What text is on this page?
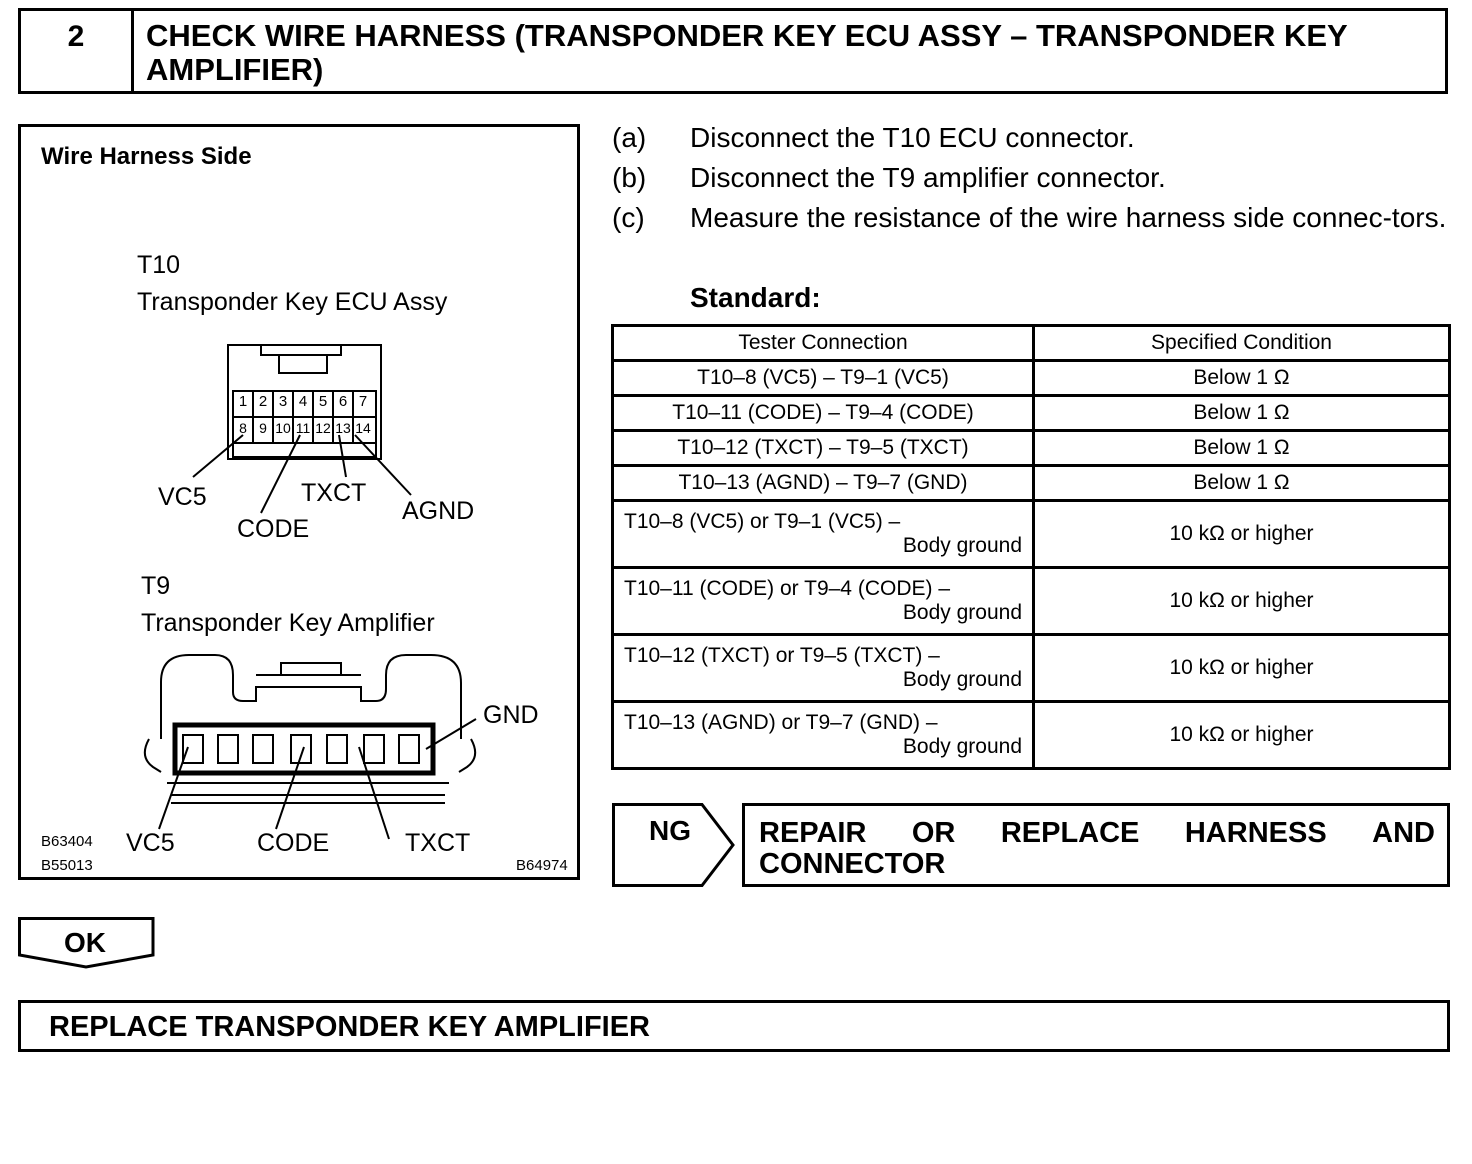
2	CHECK WIRE HARNESS (TRANSPONDER KEY ECU ASSY – TRANSPONDER KEY AMPLIFIER)
Wire Harness Side
T10
Transponder Key ECU Assy
1 2 3 4 5 6 7
8 9 10 11 12 13 14
VC5
CODE
TXCT
AGND
T9
Transponder Key Amplifier
GND
VC5	CODE	TXCT
B63404
B55013	B64974
(a) Disconnect the T10 ECU connector.
(b) Disconnect the T9 amplifier connector.
(c) Measure the resistance of the wire harness side connec-tors.
Standard:
Tester Connection	Specified Condition
T10–8 (VC5) – T9–1 (VC5)	Below 1 Ω
T10–11 (CODE) – T9–4 (CODE)	Below 1 Ω
T10–12 (TXCT) – T9–5 (TXCT)	Below 1 Ω
T10–13 (AGND) – T9–7 (GND)	Below 1 Ω

T10–8 (VC5) or T9–1 (VC5) –
Body ground	10 kΩ or higher

T10–11 (CODE) or T9–4 (CODE) –
Body ground	10 kΩ or higher

T10–12 (TXCT) or T9–5 (TXCT) –
Body ground	10 kΩ or higher

T10–13 (AGND) or T9–7 (GND) –
Body ground	10 kΩ or higher
NG REPAIR OR REPLACE HARNESS AND
CONNECTOR
OK
REPLACE TRANSPONDER KEY AMPLIFIER
